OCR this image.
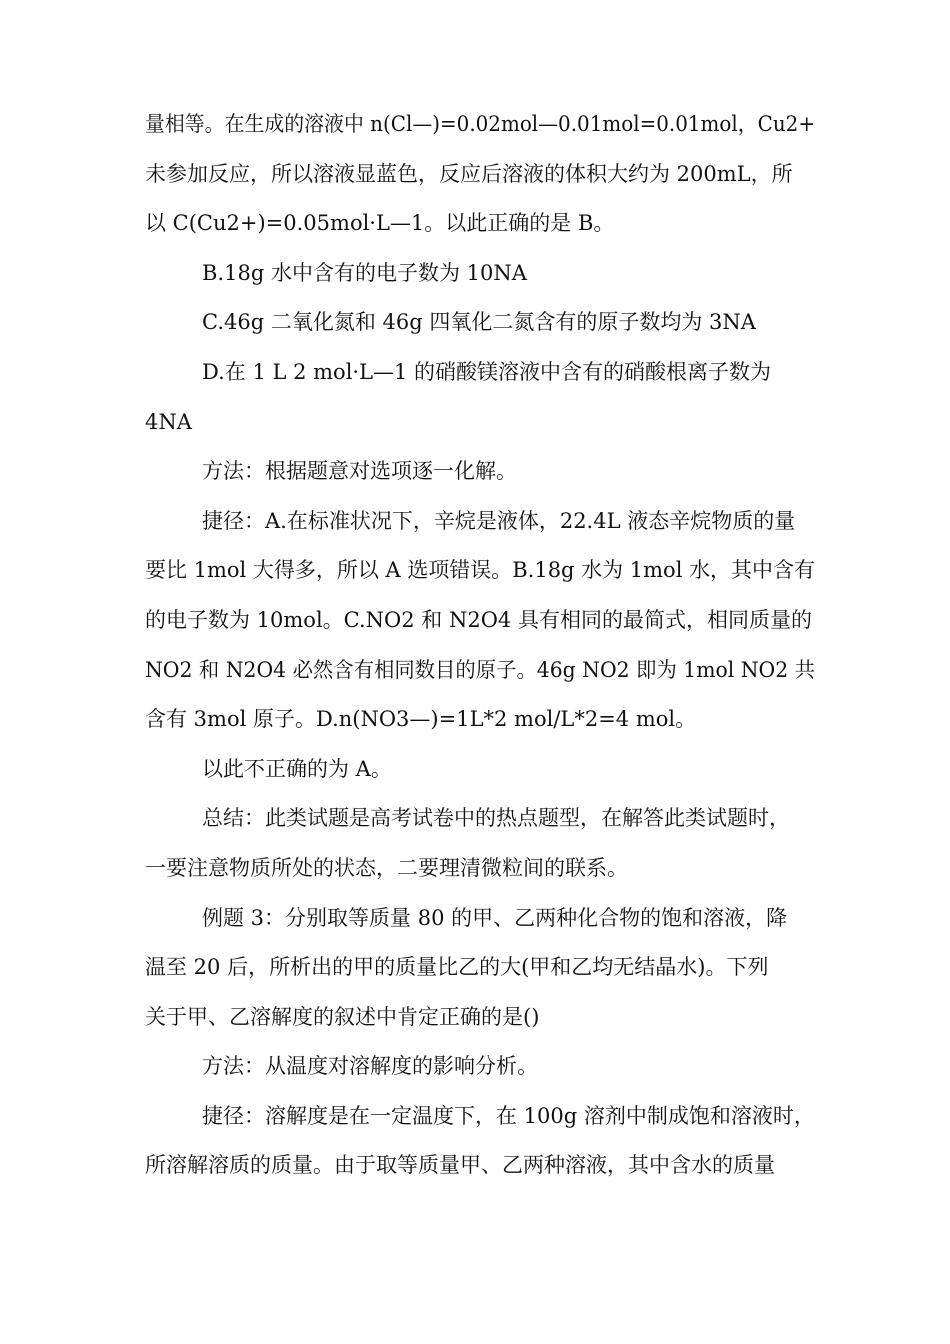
量相等。在生成的溶液中 n(Cl—)=0.02mol—0.01mol=0.01mol，Cu2+
未参加反应，所以溶液显蓝色，反应后溶液的体积大约为 200mL，所
以 C(Cu2+)=0.05mol·L—1。以此正确的是 B。
B.18g 水中含有的电子数为 10NA
C.46g 二氧化氮和 46g 四氧化二氮含有的原子数均为 3NA
D.在 1 L 2 mol·L—1 的硝酸镁溶液中含有的硝酸根离子数为
4NA
方法：根据题意对选项逐一化解。
捷径：A.在标准状况下，辛烷是液体，22.4L 液态辛烷物质的量
要比 1mol 大得多，所以 A 选项错误。B.18g 水为 1mol 水，其中含有
的电子数为 10mol。C.NO2 和 N2O4 具有相同的最简式，相同质量的
NO2 和 N2O4 必然含有相同数目的原子。46g NO2 即为 1mol NO2 共
含有 3mol 原子。D.n(NO3—)=1L*2 mol/L*2=4 mol。
以此不正确的为 A。
总结：此类试题是高考试卷中的热点题型，在解答此类试题时，
一要注意物质所处的状态，二要理清微粒间的联系。
例题 3：分别取等质量 80 的甲、乙两种化合物的饱和溶液，降
温至 20 后，所析出的甲的质量比乙的大(甲和乙均无结晶水)。下列
关于甲、乙溶解度的叙述中肯定正确的是()
方法：从温度对溶解度的影响分析。
捷径：溶解度是在一定温度下，在 100g 溶剂中制成饱和溶液时，
所溶解溶质的质量。由于取等质量甲、乙两种溶液，其中含水的质量
